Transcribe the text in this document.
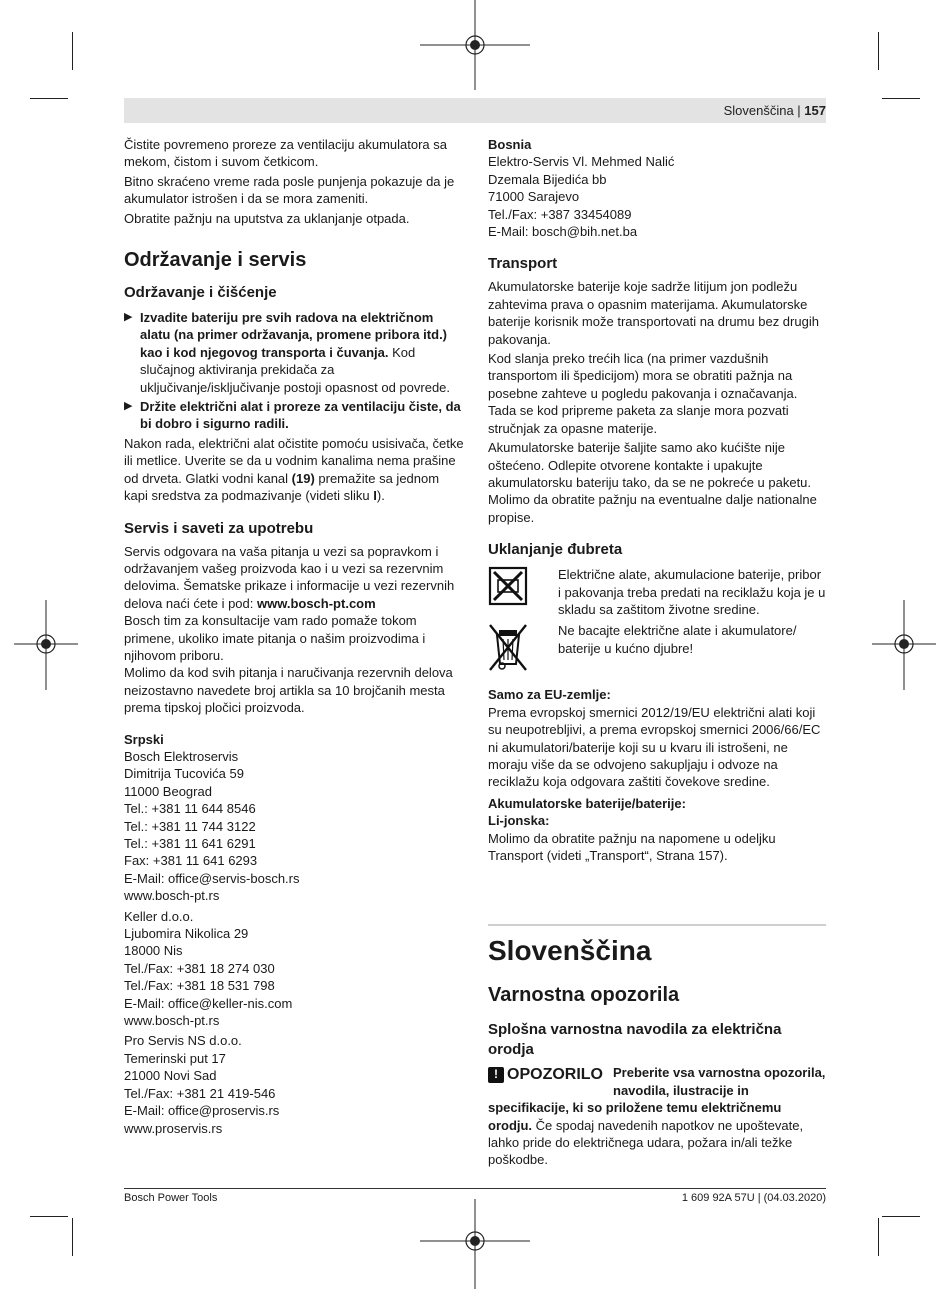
Slovenščina | 157

Čistite povremeno proreze za ventilaciju akumulatora sa mekom, čistom i suvom četkicom.

Bitno skraćeno vreme rada posle punjenja pokazuje da je akumulator istrošen i da se mora zameniti.

Obratite pažnju na uputstva za uklanjanje otpada.

Održavanje i servis
Održavanje i čišćenje
▶ Izvadite bateriju pre svih radova na električnom alatu (na primer održavanja, promene pribora itd.) kao i kod njegovog transporta i čuvanja. Kod slučajnog aktiviranja prekidača za uključivanje/isključivanje postoji opasnost od povrede.
▶ Držite električni alat i proreze za ventilaciju čiste, da bi dobro i sigurno radili.

Nakon rada, električni alat očistite pomoću usisivača, četke ili metlice. Uverite se da u vodnim kanalima nema prašine od drveta. Glatki vodni kanal (19) premažite sa jednom kapi sredstva za podmazivanje (videti sliku I).

Servis i saveti za upotrebu

Servis odgovara na vaša pitanja u vezi sa popravkom i održavanjem vašeg proizvoda kao i u vezi sa rezervnim delovima. Šematske prikaze i informacije u vezi rezervnih delova naći ćete i pod: www.bosch-pt.com

Bosch tim za konsultacije vam rado pomaže tokom primene, ukoliko imate pitanja o našim proizvodima i njihovom priboru.

Molimo da kod svih pitanja i naručivanja rezervnih delova neizostavno navedete broj artikla sa 10 brojčanih mesta prema tipskoj pločici proizvoda.

Srpski

Bosch Elektroservis

Dimitrija Tucovića 59

11000 Beograd

Tel.: +381 11 644 8546

Tel.: +381 11 744 3122

Tel.: +381 11 641 6291

Fax: +381 11 641 6293

E-Mail: office@servis-bosch.rs

www.bosch-pt.rs

Keller d.o.o.

Ljubomira Nikolica 29

18000 Nis

Tel./Fax: +381 18 274 030

Tel./Fax: +381 18 531 798

E-Mail: office@keller-nis.com

www.bosch-pt.rs

Pro Servis NS d.o.o.

Temerinski put 17

21000 Novi Sad

Tel./Fax: +381 21 419-546

E-Mail: office@proservis.rs

www.proservis.rs

Bosnia

Elektro-Servis Vl. Mehmed Nalić

Dzemala Bijedića bb

71000 Sarajevo

Tel./Fax: +387 33454089

E-Mail: bosch@bih.net.ba

Transport

Akumulatorske baterije koje sadrže litijum jon podležu zahtevima prava o opasnim materijama. Akumulatorske baterije korisnik može transportovati na drumu bez drugih pakovanja.

Kod slanja preko trećih lica (na primer vazdušnih transportom ili špedicijom) mora se obratiti pažnja na posebne zahteve u pogledu pakovanja i označavanja. Tada se kod pripreme paketa za slanje mora pozvati stručnjak za opasne materije.

Akumulatorske baterije šaljite samo ako kućište nije oštećeno. Odlepite otvorene kontakte i upakujte akumulatorsku bateriju tako, da se ne pokreće u paketu. Molimo da obratite pažnju na eventualne dalje nationalne propise.

Uklanjanje đubreta
Električne alate, akumulacione baterije, pribor i pakovanja treba predati na reciklažu koja je u skladu sa zaštitom životne sredine.
Ne bacajte električne alate i akumulatore/ baterije u kućno djubre!
Samo za EU-zemlje:

Prema evropskoj smernici 2012/19/EU električni alati koji su neupotrebljivi, a prema evropskoj smernici 2006/66/EC ni akumulatori/baterije koji su u kvaru ili istrošeni, ne moraju više da se odvojeno sakupljaju i odvoze na reciklažu koja odgovara zaštiti čovekove sredine.

Akumulatorske baterije/baterije:
Li-jonska:

Molimo da obratite pažnju na napomene u odeljku Transport (videti „Transport“, Strana 157).

Slovenščina
Varnostna opozorila
Splošna varnostna navodila za električna orodja
! OPOZORILO Preberite vsa varnostna opozorila, navodila, ilustracije in specifikacije, ki so priložene temu električnemu orodju. Če spodaj navedenih napotkov ne upoštevate, lahko pride do električnega udara, požara in/ali težke poškodbe.
Bosch Power Tools	1 609 92A 57U | (04.03.2020)
